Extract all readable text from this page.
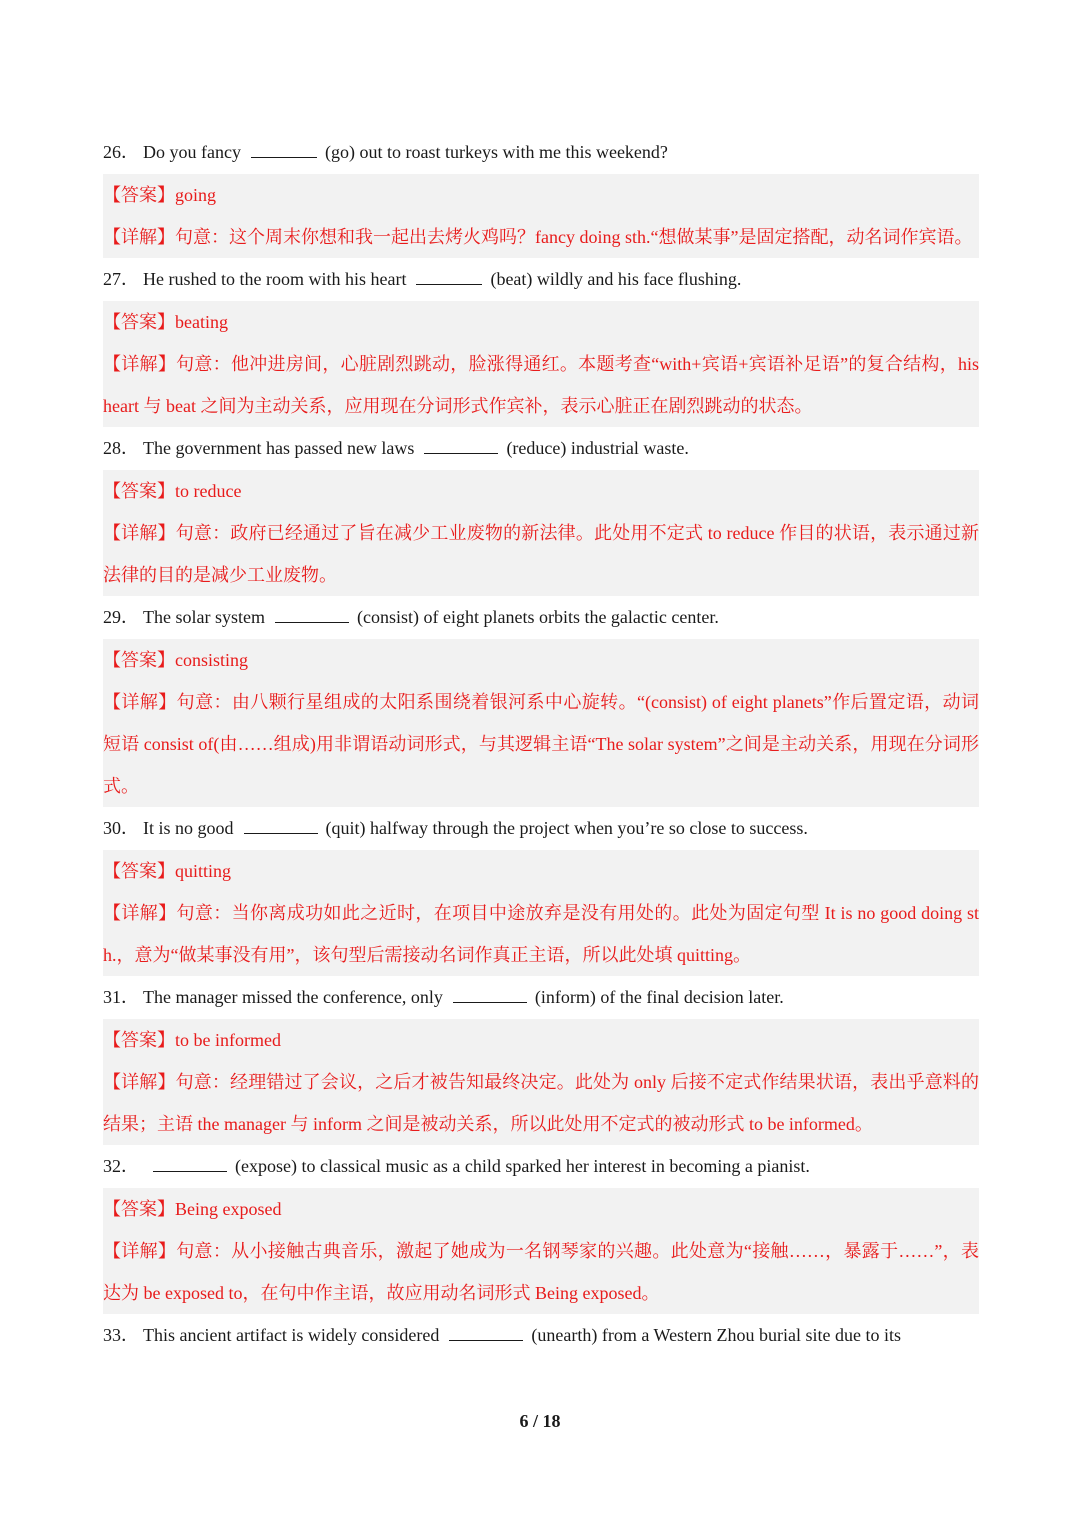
26． Do you fancy	(go) out to roast turkeys with me this weekend?
【答案】going
【详解】句意：这个周末你想和我一起出去烤火鸡吗？fancy doing sth.“想做某事”是固定搭配，动名词作宾语。
27． He rushed to the room with his heart	(beat) wildly and his face flushing.
【答案】beating
【详解】句意：他冲进房间，心脏剧烈跳动，脸涨得通红。本题考查“with+宾语+宾语补足语”的复合结构，his heart 与 beat 之间为主动关系，应用现在分词形式作宾补，表示心脏正在剧烈跳动的状态。
28． The government has passed new laws	(reduce) industrial waste.
【答案】to reduce
【详解】句意：政府已经通过了旨在减少工业废物的新法律。此处用不定式 to reduce 作目的状语，表示通过新法律的目的是减少工业废物。
29． The solar system	(consist) of eight planets orbits the galactic center.
【答案】consisting
【详解】句意：由八颗行星组成的太阳系围绕着银河系中心旋转。“(consist) of eight planets”作后置定语，动词短语 consist of(由……组成)用非谓语动词形式，与其逻辑主语“The solar system”之间是主动关系，用现在分词形式。
30． It is no good	(quit) halfway through the project when you’re so close to success.
【答案】quitting
【详解】句意：当你离成功如此之近时，在项目中途放弃是没有用处的。此处为固定句型 It is no good doing sth.，意为“做某事没有用”，该句型后需接动名词作真正主语，所以此处填 quitting。
31． The manager missed the conference, only	(inform) of the final decision later.
【答案】to be informed
【详解】句意：经理错过了会议，之后才被告知最终决定。此处为 only 后接不定式作结果状语，表出乎意料的结果；主语 the manager 与 inform 之间是被动关系，所以此处用不定式的被动形式 to be informed。
32．	(expose) to classical music as a child sparked her interest in becoming a pianist.
【答案】Being exposed
【详解】句意：从小接触古典音乐，激起了她成为一名钢琴家的兴趣。此处意为“接触……，暴露于……”，表达为 be exposed to，在句中作主语，故应用动名词形式 Being exposed。
33． This ancient artifact is widely considered	(unearth) from a Western Zhou burial site due to its
6 / 18
